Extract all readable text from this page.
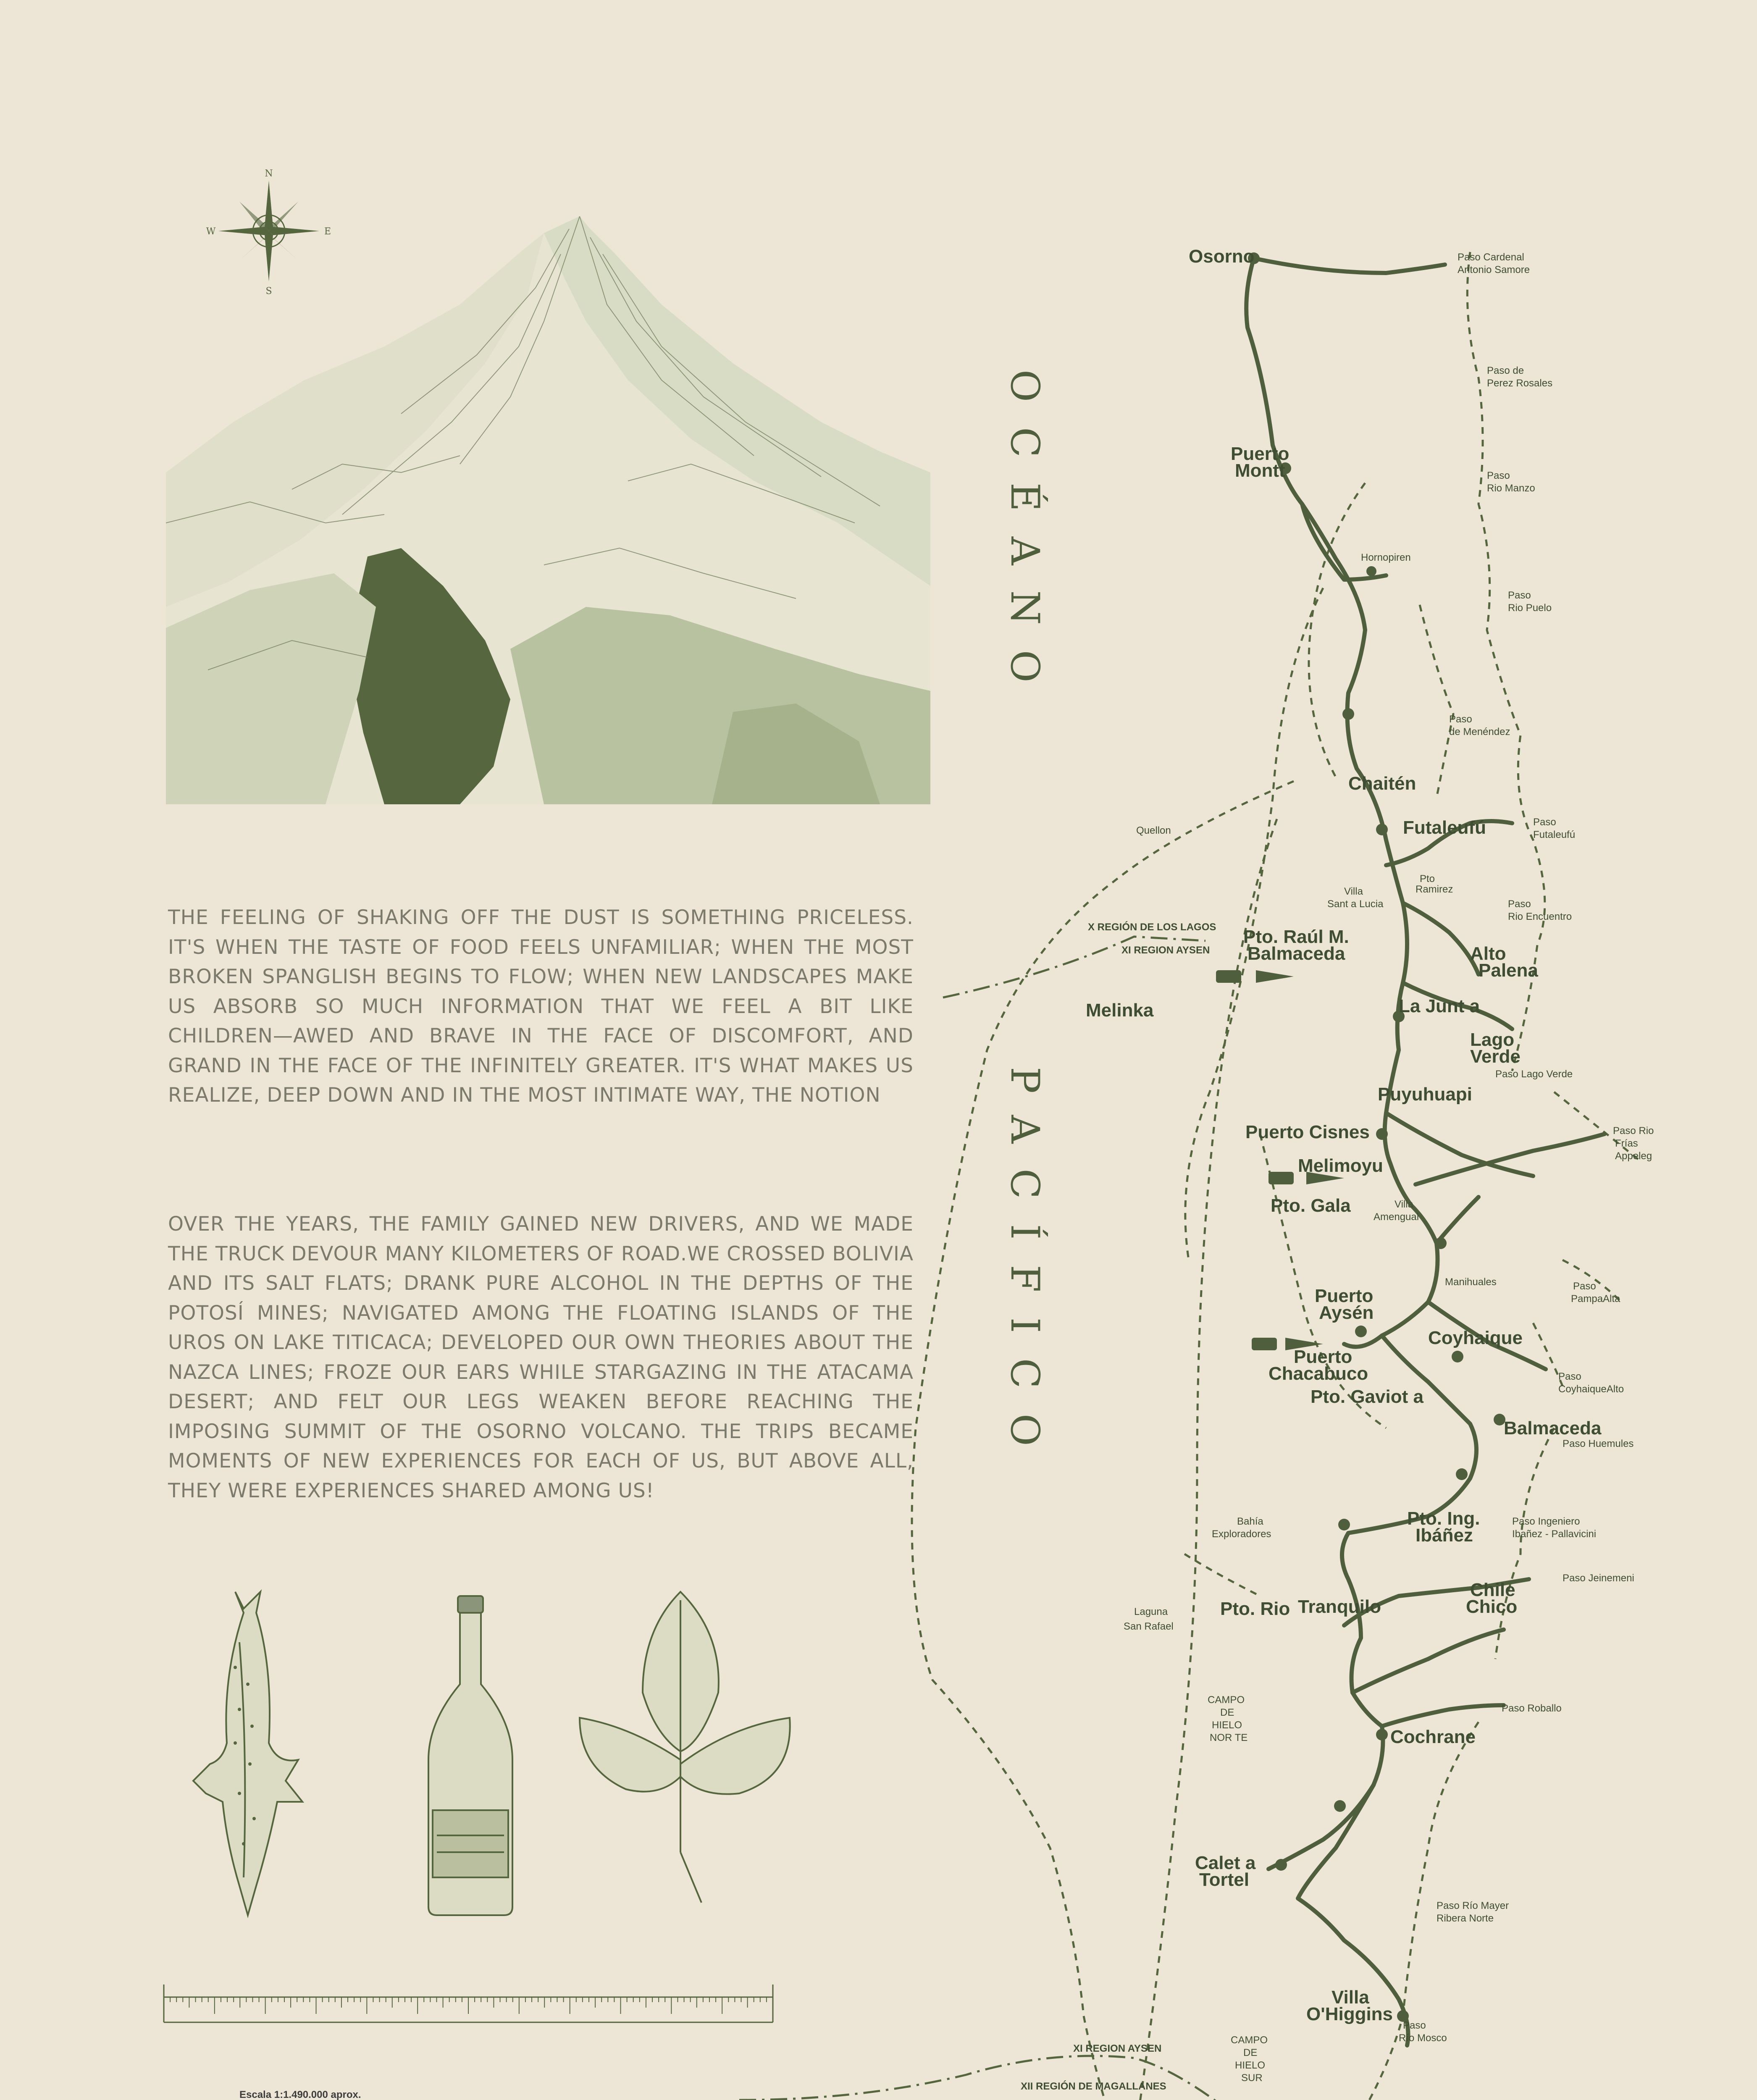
N
S
W	E

THE FEELING OF SHAKING OFF THE DUST IS SOMETHING PRICELESS. IT'S WHEN THE TASTE OF FOOD FEELS UNFAMILIAR; WHEN THE MOST BROKEN SPANGLISH BEGINS TO FLOW; WHEN NEW LANDSCAPES MAKE US ABSORB SO MUCH INFORMATION THAT WE FEEL A BIT LIKE CHILDREN—AWED AND BRAVE IN THE FACE OF DISCOMFORT, AND GRAND IN THE FACE OF THE INFINITELY GREATER. IT'S WHAT MAKES US REALIZE, DEEP DOWN AND IN THE MOST INTIMATE WAY, THE NOTION

OVER THE YEARS, THE FAMILY GAINED NEW DRIVERS, AND WE MADE THE TRUCK DEVOUR MANY KILOMETERS OF ROAD.WE CROSSED BOLIVIA AND ITS SALT FLATS; DRANK PURE ALCOHOL IN THE DEPTHS OF THE POTOSÍ MINES; NAVIGATED AMONG THE FLOATING ISLANDS OF THE UROS ON LAKE TITICACA; DEVELOPED OUR OWN THEORIES ABOUT THE NAZCA LINES; FROZE OUR EARS WHILE STARGAZING IN THE ATACAMA DESERT; AND FELT OUR LEGS WEAKEN BEFORE REACHING THE IMPOSING SUMMIT OF THE OSORNO VOLCANO. THE TRIPS BECAME MOMENTS OF NEW EXPERIENCES FOR EACH OF US, BUT ABOVE ALL, THEY WERE EXPERIENCES SHARED AMONG US!

OCÉANO
PACÍFICO
Escala 1:1.490.000 aprox.
Osorno
Puerto
Montt
Hornopiren
Chaitén
Quellon	Futaleufú
Pto
Ramirez
Villa
Sant a Lucia
X REGIÓN DE LOS LAGOS
XI REGION AYSEN
Pto. Raúl M.
Balmaceda
Melinka
Alto
Palena
La Junt a
Lago
Verde
Paso Lago Verde
Puyuhuapi
Puerto Cisnes
Melimoyu
Pto. Gala	Villa
Amengual
Manihuales
Puerto
Aysén
Coyhaique
Puerto
Chacabuco
Pto. Gaviot a
Balmaceda
Bahía
Exploradores
Pto. Ing.
Ibáñez
Laguna
San Rafael
Pto. Rio Tranquilo
Chile
Chico
CAMPO
DE
HIELO
NOR TE	Cochrane
Calet a
Tortel
Villa
O'Higgins
CAMPO
DE
HIELO
SUR
XI REGION AYSEN
XII REGIÓN DE MAGALLANES
Paso Cardenal
Antonio Samore
Paso de
Perez Rosales
Paso
Rio Manzo
Paso
Rio Puelo
Paso
de Menéndez
Paso
Futaleufú
Paso
Rio Encuentro
Paso Rio
Frías
Appeleg
Paso
PampaAlta
Paso
CoyhaiqueAlto
Paso Huemules
Paso Ingeniero
Ibañez - Pallavicini
Paso Jeinemeni
Paso Roballo
Paso Río Mayer
Ribera Norte
Paso
Río Mosco
